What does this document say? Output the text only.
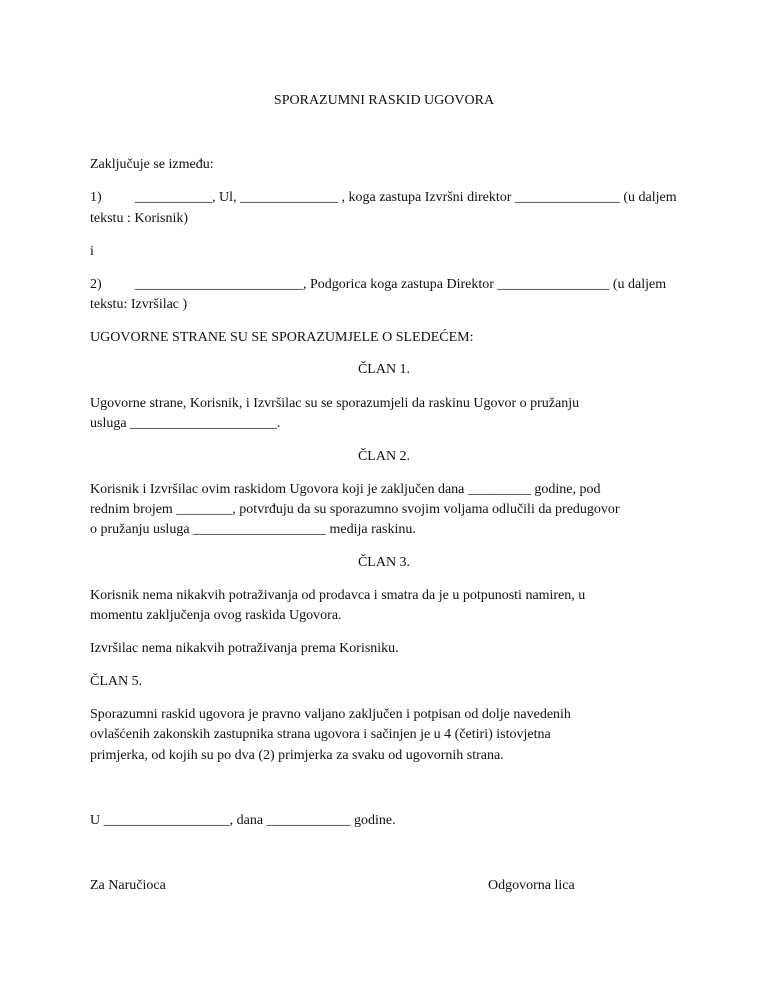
SPORAZUMNI RASKID UGOVORA
Zaključuje se između:
1) ___________, Ul, ______________ , koga zastupa Izvršni direktor _______________ (u daljem
tekstu : Korisnik)
i
2) ________________________, Podgorica koga zastupa Direktor ________________ (u daljem
tekstu: Izvršilac )
UGOVORNE STRANE SU SE SPORAZUMJELE O SLEDEĆEM:
ČLAN 1.
Ugovorne strane, Korisnik, i Izvršilac su se sporazumjeli da raskinu Ugovor o pružanju
usluga _____________________.
ČLAN 2.
Korisnik i Izvršilac ovim raskidom Ugovora koji je zaključen dana _________ godine, pod
rednim brojem ________, potvrđuju da su sporazumno svojim voljama odlučili da predugovor
o pružanju usluga ___________________ medija raskinu.
ČLAN 3.
Korisnik nema nikakvih potraživanja od prodavca i smatra da je u potpunosti namiren, u
momentu zaključenja ovog raskida Ugovora.
Izvršilac nema nikakvih potraživanja prema Korisniku.
ČLAN 5.
Sporazumni raskid ugovora je pravno valjano zaključen i potpisan od dolje navedenih
ovlašćenih zakonskih zastupnika strana ugovora i sačinjen je u 4 (četiri) istovjetna
primjerka, od kojih su po dva (2) primjerka za svaku od ugovornih strana.
U __________________, dana ____________ godine.
Za Naručioca	Odgovorna lica
